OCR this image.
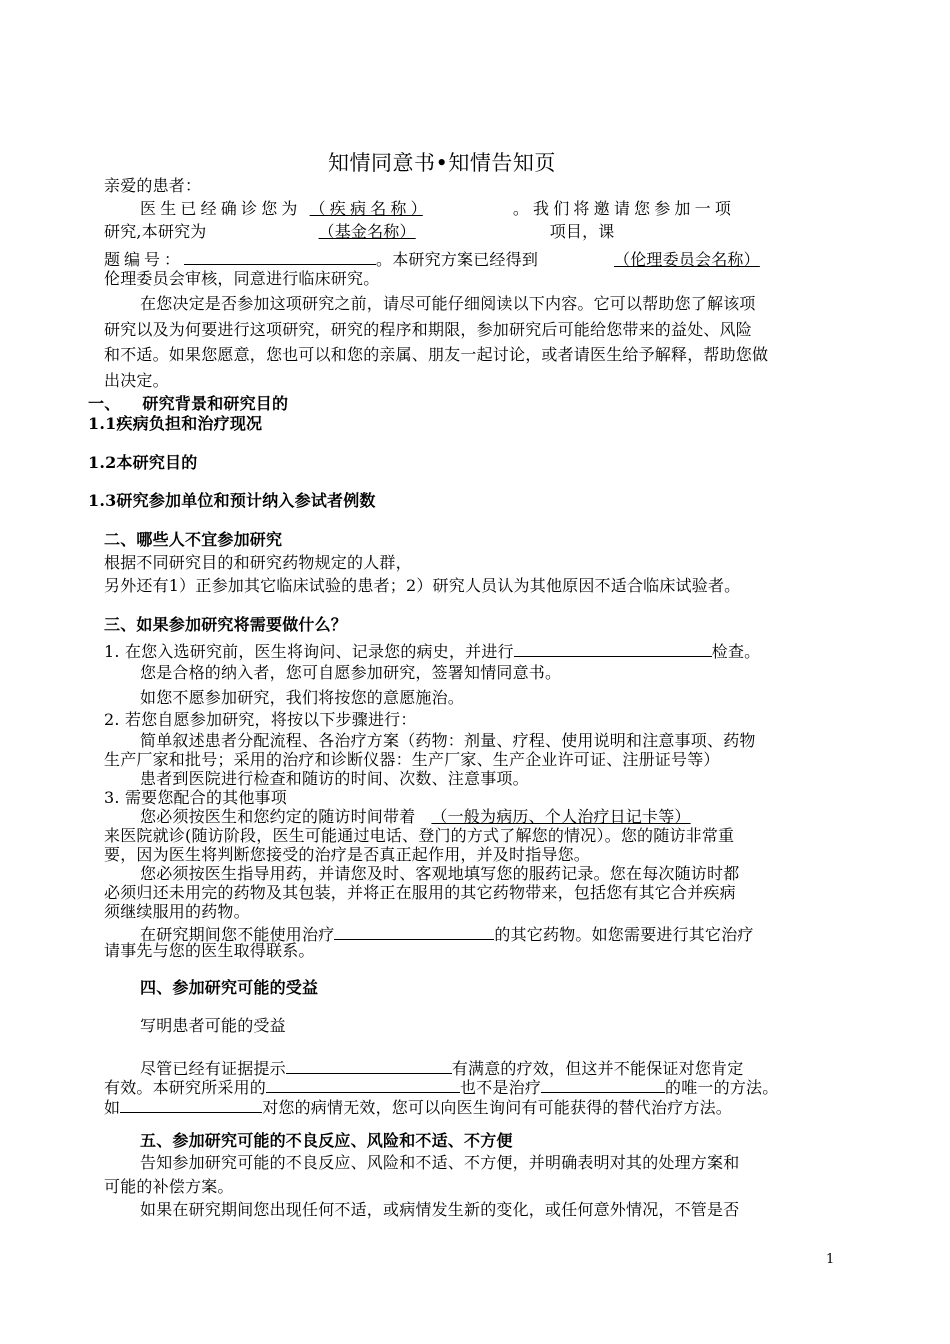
知情同意书•知情告知页
亲爱的患者：
医生已经确诊您为 （疾病名称）	。我们将邀请您参加一项
研究,本研究为	（基金名称）	项目，课
题编号：	。本研究方案已经得到	（伦理委员会名称）
伦理委员会审核，同意进行临床研究。
在您决定是否参加这项研究之前，请尽可能仔细阅读以下内容。它可以帮助您了解该项
研究以及为何要进行这项研究，研究的程序和期限，参加研究后可能给您带来的益处、风险
和不适。如果您愿意，您也可以和您的亲属、朋友一起讨论，或者请医生给予解释，帮助您做
出决定。
一、 研究背景和研究目的
1.1疾病负担和治疗现况
1.2本研究目的
1.3研究参加单位和预计纳入参试者例数
二、哪些人不宜参加研究
根据不同研究目的和研究药物规定的人群，
另外还有1）正参加其它临床试验的患者；2）研究人员认为其他原因不适合临床试验者。
三、如果参加研究将需要做什么？
1. 在您入选研究前，医生将询问、记录您的病史，并进行	检查。
您是合格的纳入者，您可自愿参加研究，签署知情同意书。
如您不愿参加研究，我们将按您的意愿施治。
2. 若您自愿参加研究，将按以下步骤进行：
简单叙述患者分配流程、各治疗方案（药物：剂量、疗程、使用说明和注意事项、药物
生产厂家和批号；采用的治疗和诊断仪器：生产厂家、生产企业许可证、注册证号等）
患者到医院进行检查和随访的时间、次数、注意事项。
3. 需要您配合的其他事项
您必须按医生和您约定的随访时间带着 （一般为病历、个人治疗日记卡等）
来医院就诊(随访阶段，医生可能通过电话、登门的方式了解您的情况）。您的随访非常重
要，因为医生将判断您接受的治疗是否真正起作用，并及时指导您。
您必须按医生指导用药，并请您及时、客观地填写您的服药记录。您在每次随访时都
必须归还未用完的药物及其包装，并将正在服用的其它药物带来，包括您有其它合并疾病
须继续服用的药物。
在研究期间您不能使用治疗	的其它药物。如您需要进行其它治疗
请事先与您的医生取得联系。
四、参加研究可能的受益
写明患者可能的受益
尽管已经有证据提示	有满意的疗效，但这并不能保证对您肯定
有效。本研究所采用的	也不是治疗	的唯一的方法。
如	对您的病情无效，您可以向医生询问有可能获得的替代治疗方法。
五、参加研究可能的不良反应、风险和不适、不方便
告知参加研究可能的不良反应、风险和不适、不方便，并明确表明对其的处理方案和
可能的补偿方案。
如果在研究期间您出现任何不适，或病情发生新的变化，或任何意外情况，不管是否
1
